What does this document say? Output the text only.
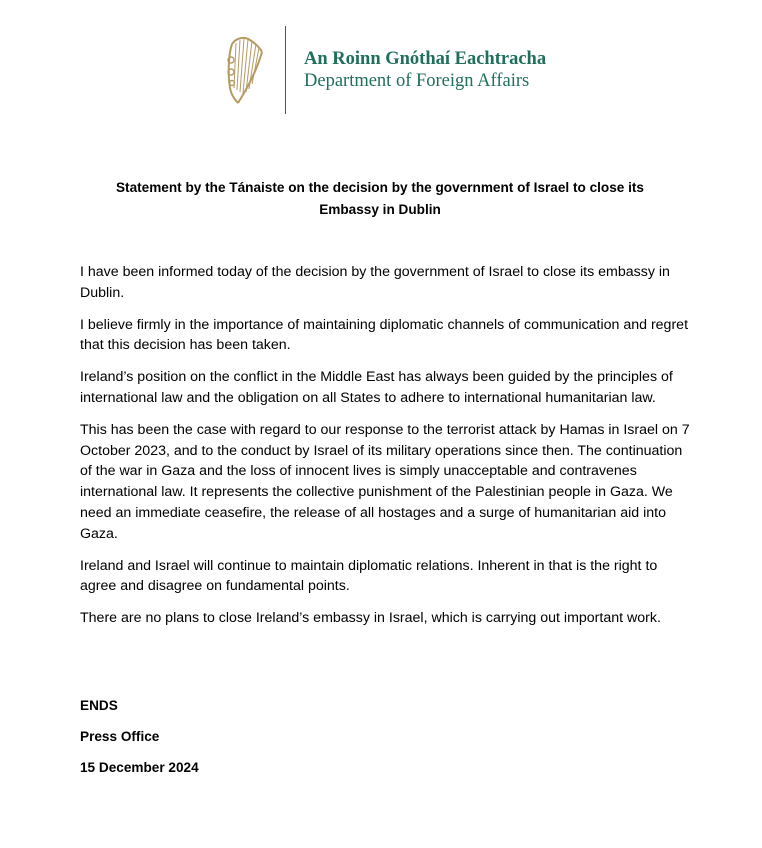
An Roinn Gnóthaí Eachtracha
Department of Foreign Affairs
Statement by the Tánaiste on the decision by the government of Israel to close its
Embassy in Dublin

I have been informed today of the decision by the government of Israel to close its embassy in Dublin.

I believe firmly in the importance of maintaining diplomatic channels of communication and regret that this decision has been taken.

Ireland’s position on the conflict in the Middle East has always been guided by the principles of international law and the obligation on all States to adhere to international humanitarian law.

This has been the case with regard to our response to the terrorist attack by Hamas in Israel on 7 October 2023, and to the conduct by Israel of its military operations since then. The continuation of the war in Gaza and the loss of innocent lives is simply unacceptable and contravenes international law. It represents the collective punishment of the Palestinian people in Gaza. We need an immediate ceasefire, the release of all hostages and a surge of humanitarian aid into Gaza.

Ireland and Israel will continue to maintain diplomatic relations. Inherent in that is the right to agree and disagree on fundamental points.

There are no plans to close Ireland’s embassy in Israel, which is carrying out important work.

ENDS
Press Office
15 December 2024
